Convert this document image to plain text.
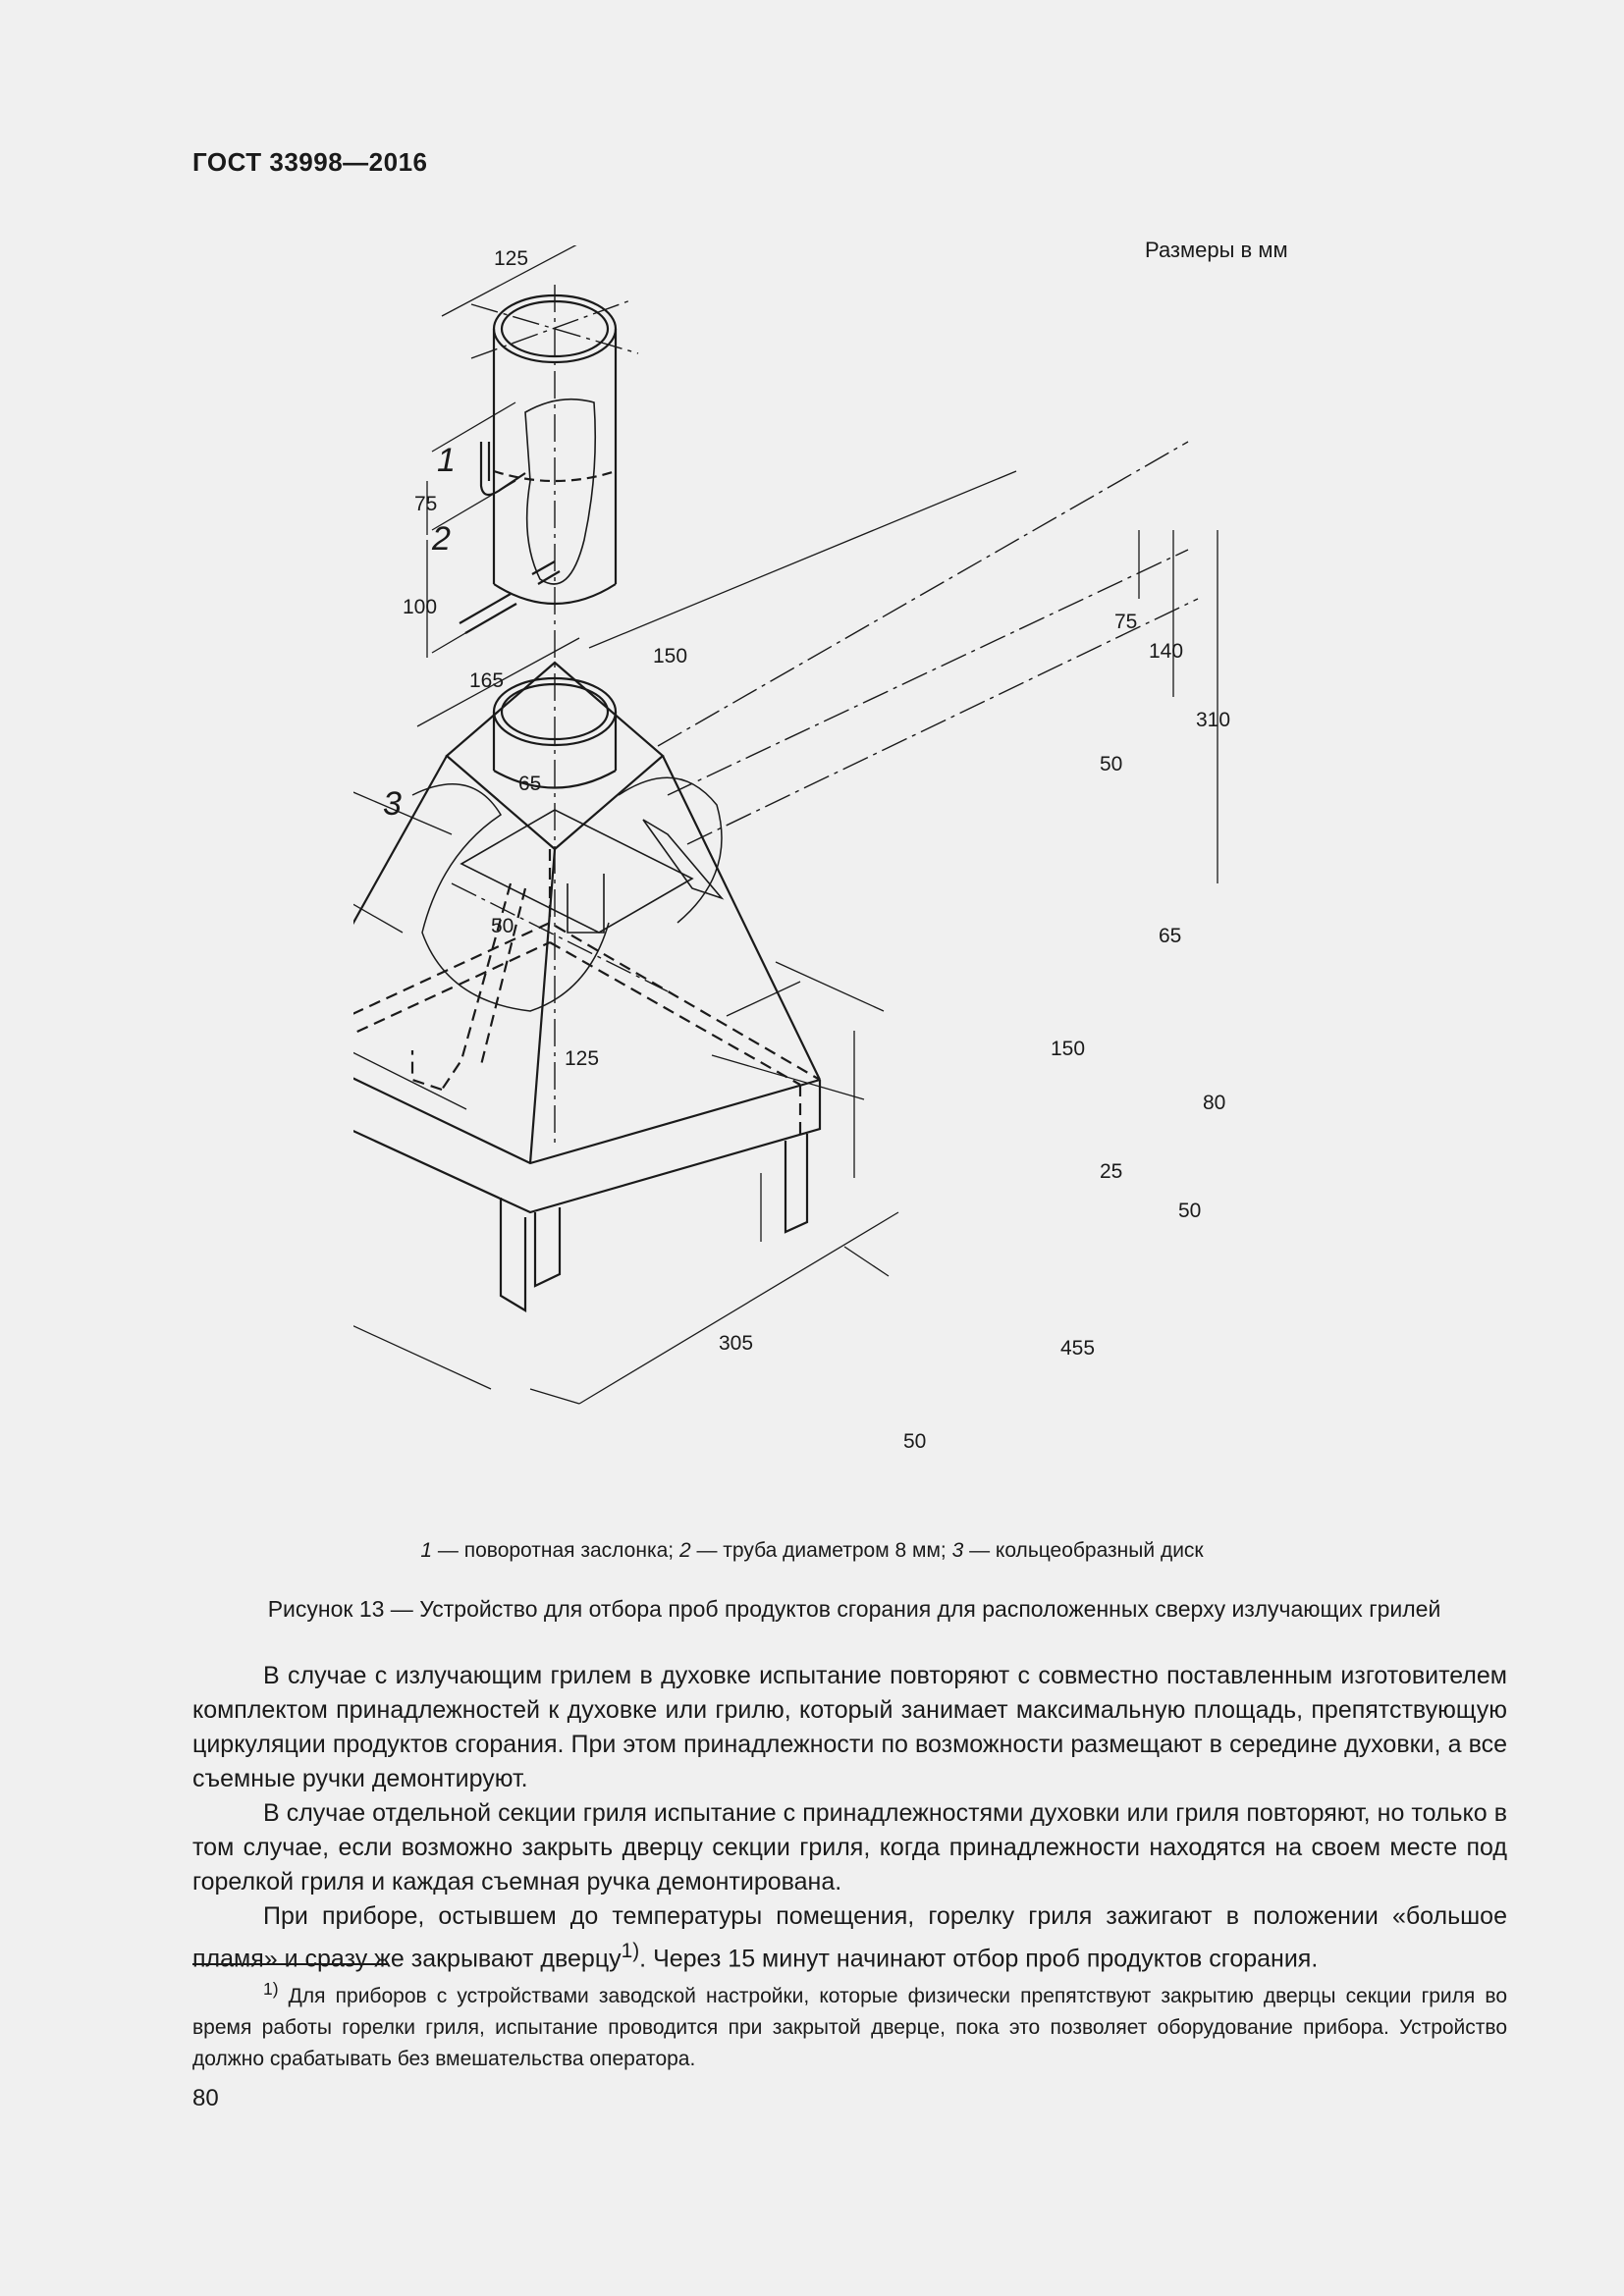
ГОСТ 33998—2016
Размеры в мм
1
2
3
125
75
100
165
150
75
140
310
50
65
50	65
125	150
80
25
50
305	455
50
1 — поворотная заслонка; 2 — труба диаметром 8 мм; 3 — кольцеобразный диск
Рисунок 13 — Устройство для отбора проб продуктов сгорания для расположенных сверху излучающих грилей

В случае с излучающим грилем в духовке испытание повторяют с совместно поставленным изготовителем комплектом принадлежностей к духовке или грилю, который занимает максимальную площадь, препятствующую циркуляции продуктов сгорания. При этом принадлежности по возможности размещают в середине духовки, а все съемные ручки демонтируют.

В случае отдельной секции гриля испытание с принадлежностями духовки или гриля повторяют, но только в том случае, если возможно закрыть дверцу секции гриля, когда принадлежности находятся на своем месте под горелкой гриля и каждая съемная ручка демонтирована.

При приборе, остывшем до температуры помещения, горелку гриля зажигают в положении «большое пламя» и сразу же закрывают дверцу$^{1)}$. Через 15 минут начинают отбор проб продуктов сгорания.

$^{1)}$ Для приборов с устройствами заводской настройки, которые физически препятствуют закрытию дверцы секции гриля во время работы горелки гриля, испытание проводится при закрытой дверце, пока это позволяет оборудование прибора. Устройство должно срабатывать без вмешательства оператора.

80
